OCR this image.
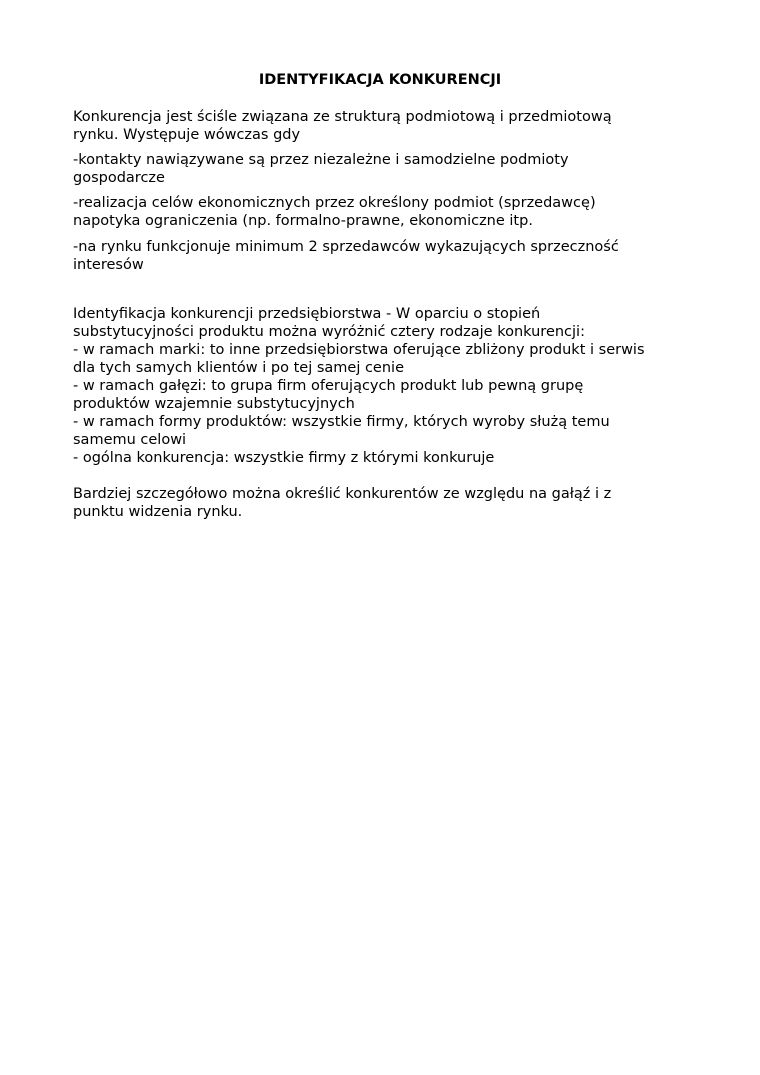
IDENTYFIKACJA KONKURENCJI
Konkurencja jest ściśle związana ze strukturą podmiotową i przedmiotową
rynku. Występuje wówczas gdy
-kontakty nawiązywane są przez niezależne i samodzielne podmioty
gospodarcze
-realizacja celów ekonomicznych przez określony podmiot (sprzedawcę)
napotyka ograniczenia (np. formalno-prawne, ekonomiczne itp.
-na rynku funkcjonuje minimum 2 sprzedawców wykazujących sprzeczność
interesów
Identyfikacja konkurencji przedsiębiorstwa - W oparciu o stopień
substytucyjności produktu można wyróżnić cztery rodzaje konkurencji:
- w ramach marki: to inne przedsiębiorstwa oferujące zbliżony produkt i serwis
dla tych samych klientów i po tej samej cenie
- w ramach gałęzi: to grupa firm oferujących produkt lub pewną grupę
produktów wzajemnie substytucyjnych
- w ramach formy produktów: wszystkie firmy, których wyroby służą temu
samemu celowi
- ogólna konkurencja: wszystkie firmy z którymi konkuruje
Bardziej szczegółowo można określić konkurentów ze względu na gałąź i z
punktu widzenia rynku.
